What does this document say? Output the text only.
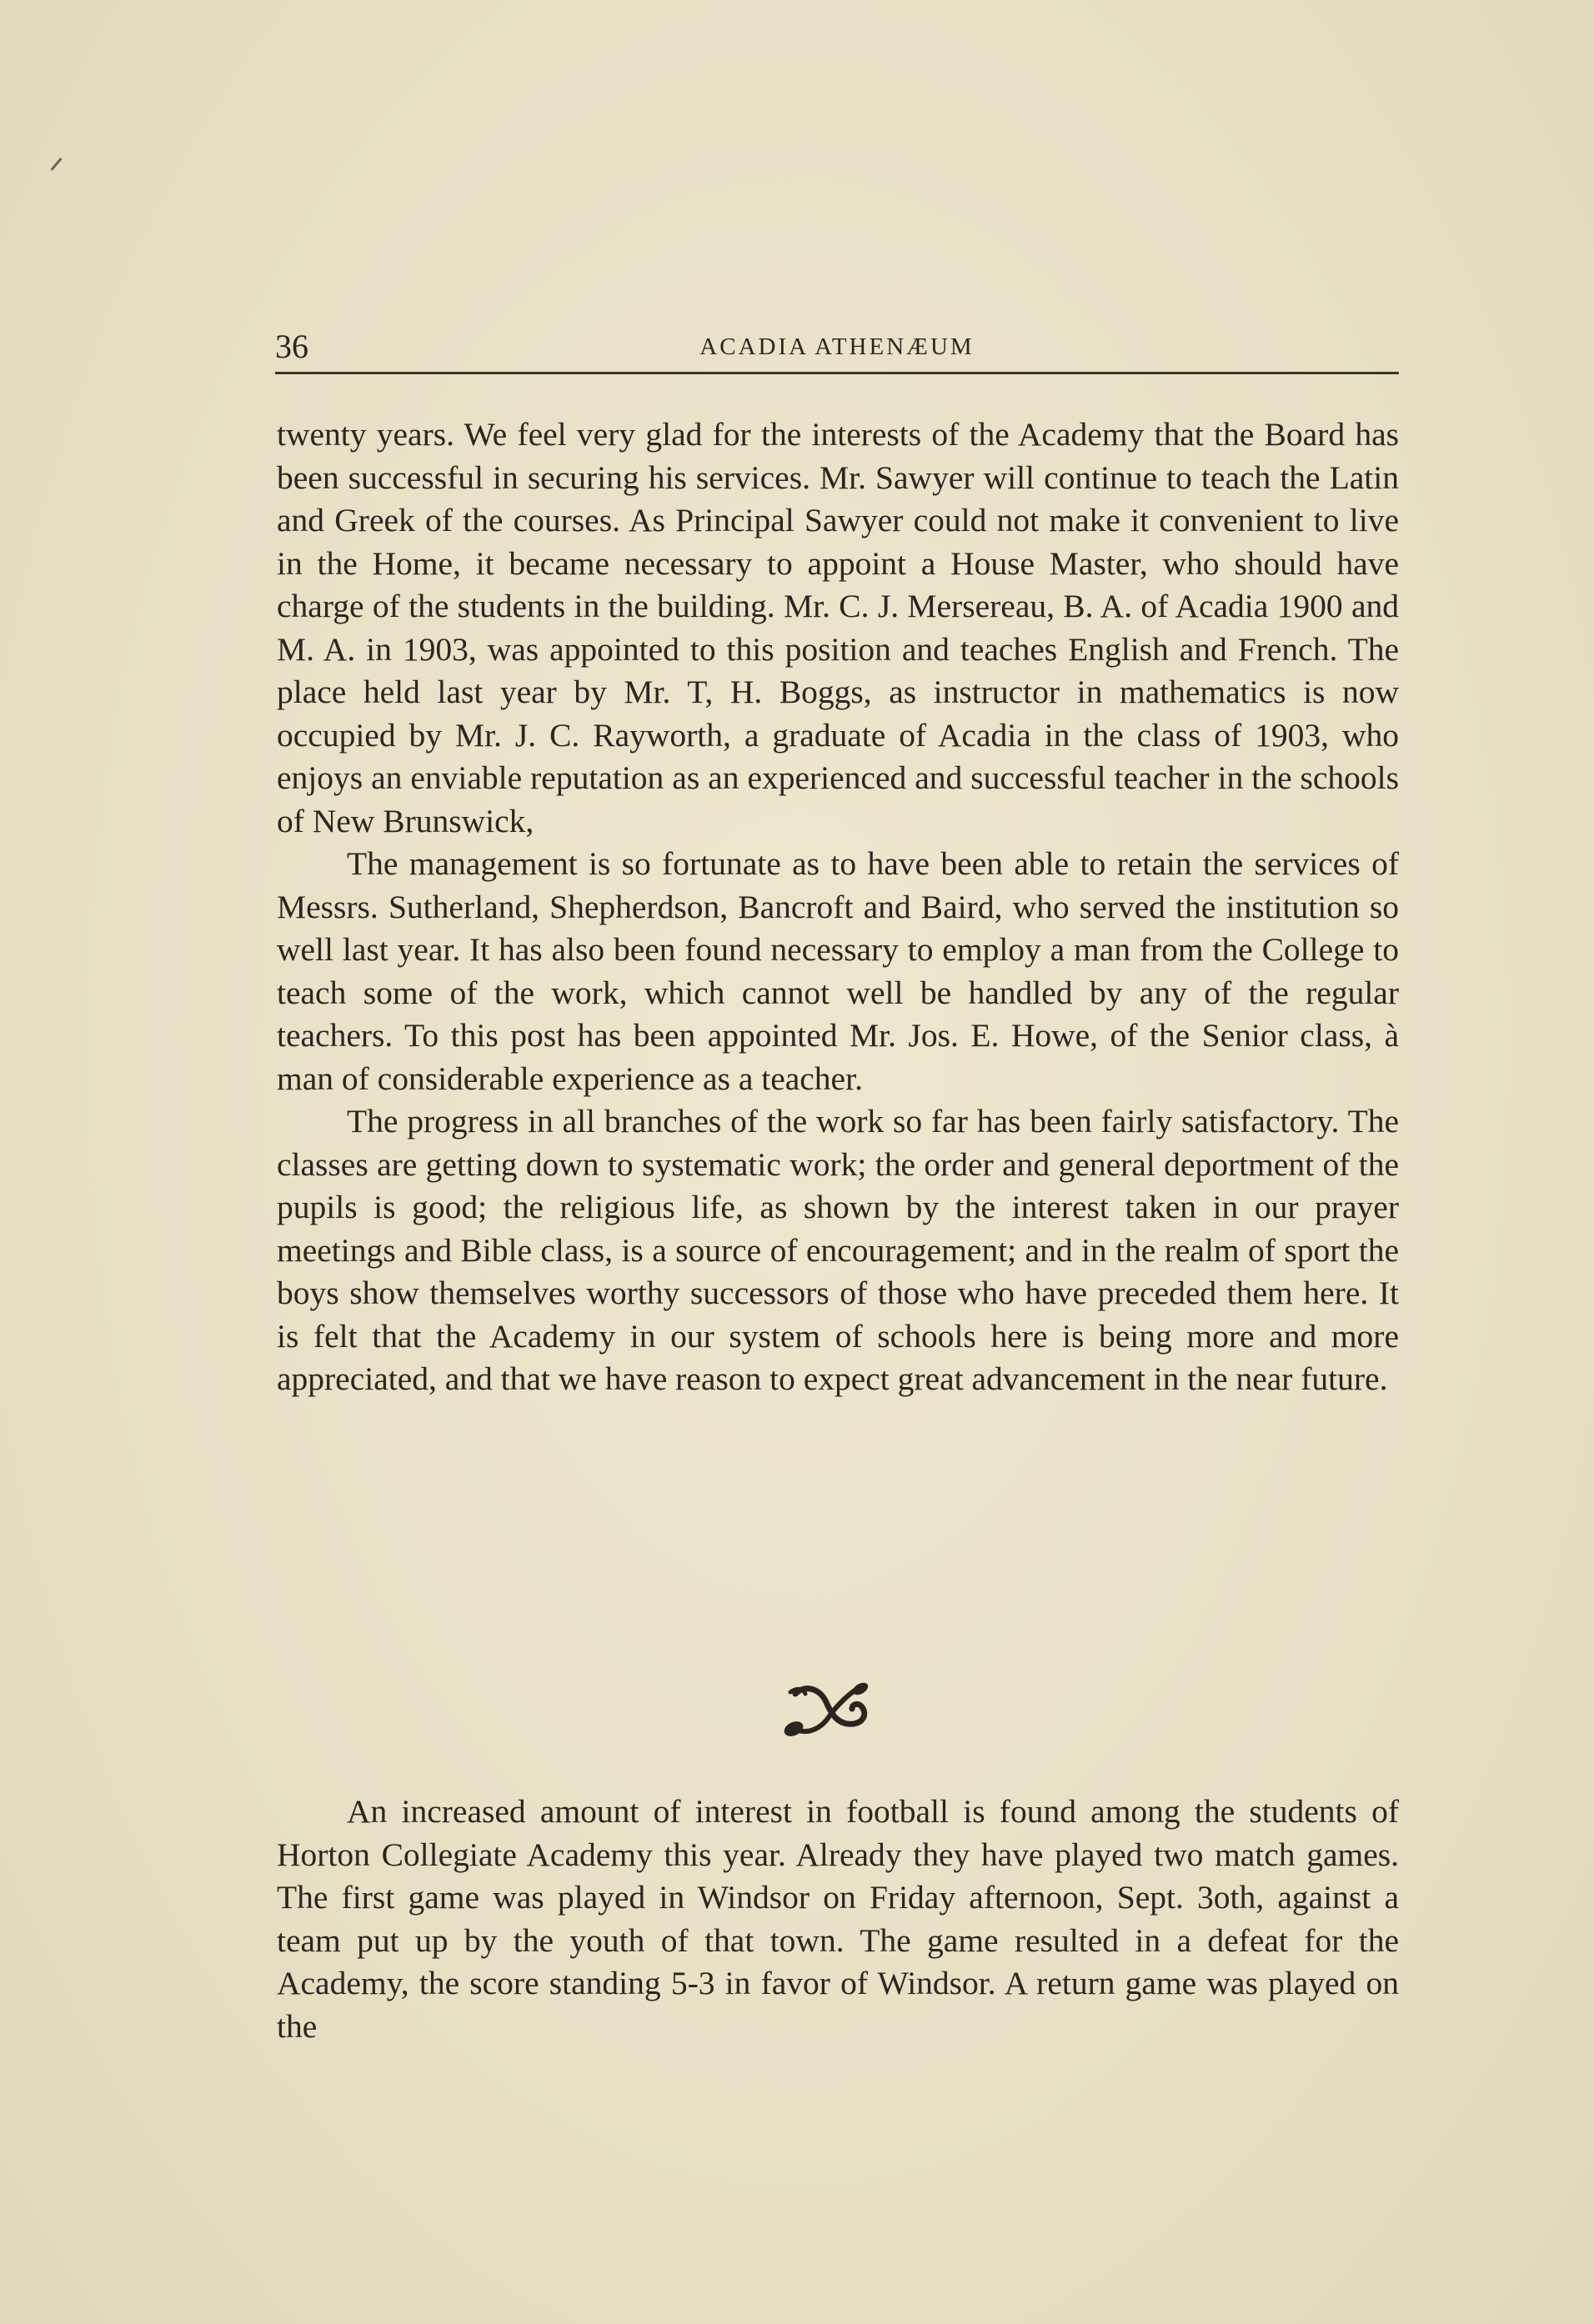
36	ACADIA ATHENÆUM

twenty years. We feel very glad for the interests of the Academy that the Board has been successful in securing his services. Mr. Sawyer will continue to teach the Latin and Greek of the courses. As Principal Sawyer could not make it convenient to live in the Home, it became necessary to appoint a House Master, who should have charge of the students in the building. Mr. C. J. Mersereau, B. A. of Acadia 1900 and M. A. in 1903, was appointed to this position and teaches English and French. The place held last year by Mr. T, H. Boggs, as instructor in mathematics is now occupied by Mr. J. C. Rayworth, a graduate of Acadia in the class of 1903, who enjoys an enviable reputation as an experienced and successful teacher in the schools of New Brunswick,

The management is so fortunate as to have been able to retain the services of Messrs. Sutherland, Shepherdson, Bancroft and Baird, who served the institution so well last year. It has also been found necessary to employ a man from the College to teach some of the work, which cannot well be handled by any of the regular teachers. To this post has been appointed Mr. Jos. E. Howe, of the Senior class, à man of considerable experience as a teacher.

The progress in all branches of the work so far has been fairly satisfactory. The classes are getting down to systematic work; the order and general deportment of the pupils is good; the religious life, as shown by the interest taken in our prayer meetings and Bible class, is a source of encouragement; and in the realm of sport the boys show themselves worthy successors of those who have preceded them here. It is felt that the Academy in our system of schools here is being more and more appreciated, and that we have reason to expect great advancement in the near future.

An increased amount of interest in football is found among the students of Horton Collegiate Academy this year. Already they have played two match games. The first game was played in Windsor on Friday afternoon, Sept. 3oth, against a team put up by the youth of that town. The game resulted in a defeat for the Academy, the score standing 5-3 in favor of Windsor. A return game was played on the
